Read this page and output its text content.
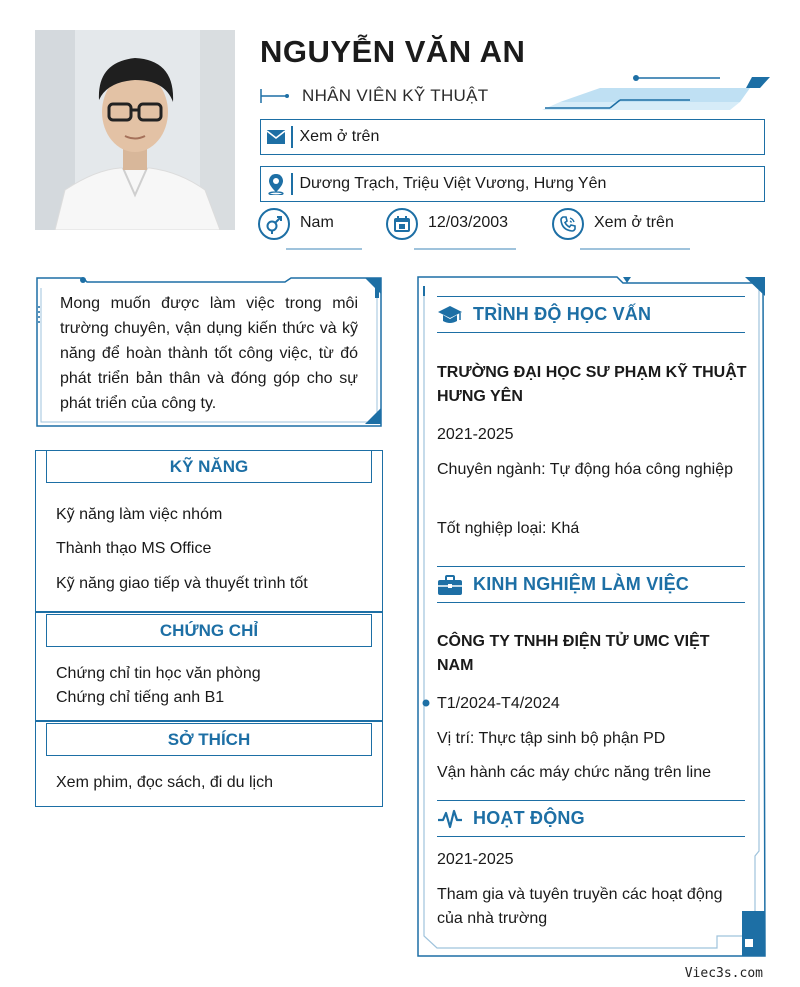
NGUYỄN VĂN AN
NHÂN VIÊN KỸ THUẬT
Xem ở trên
Dương Trạch, Triệu Việt Vương, Hưng Yên
Nam	12/03/2003	Xem ở trên
Mong muốn được làm việc trong môi trường chuyên, vận dụng kiến thức và kỹ năng để hoàn thành tốt công việc, từ đó phát triển bản thân và đóng góp cho sự phát triển của công ty.
KỸ NĂNG
Kỹ năng làm việc nhóm
Thành thạo MS Office
Kỹ năng giao tiếp và thuyết trình tốt
CHỨNG CHỈ
Chứng chỉ tin học văn phòng
Chứng chỉ tiếng anh B1
SỞ THÍCH
Xem phim, đọc sách, đi du lịch
TRÌNH ĐỘ HỌC VẤN
TRƯỜNG ĐẠI HỌC SƯ PHẠM KỸ THUẬT HƯNG YÊN
2021-2025
Chuyên ngành: Tự động hóa công nghiệp
Tốt nghiệp loại: Khá
KINH NGHIỆM LÀM VIỆC
CÔNG TY TNHH ĐIỆN TỬ UMC VIỆT NAM
T1/2024-T4/2024
Vị trí: Thực tập sinh bộ phận PD
Vận hành các máy chức năng trên line
HOẠT ĐỘNG
2021-2025
Tham gia và tuyên truyền các hoạt động của nhà trường
Viec3s.com
